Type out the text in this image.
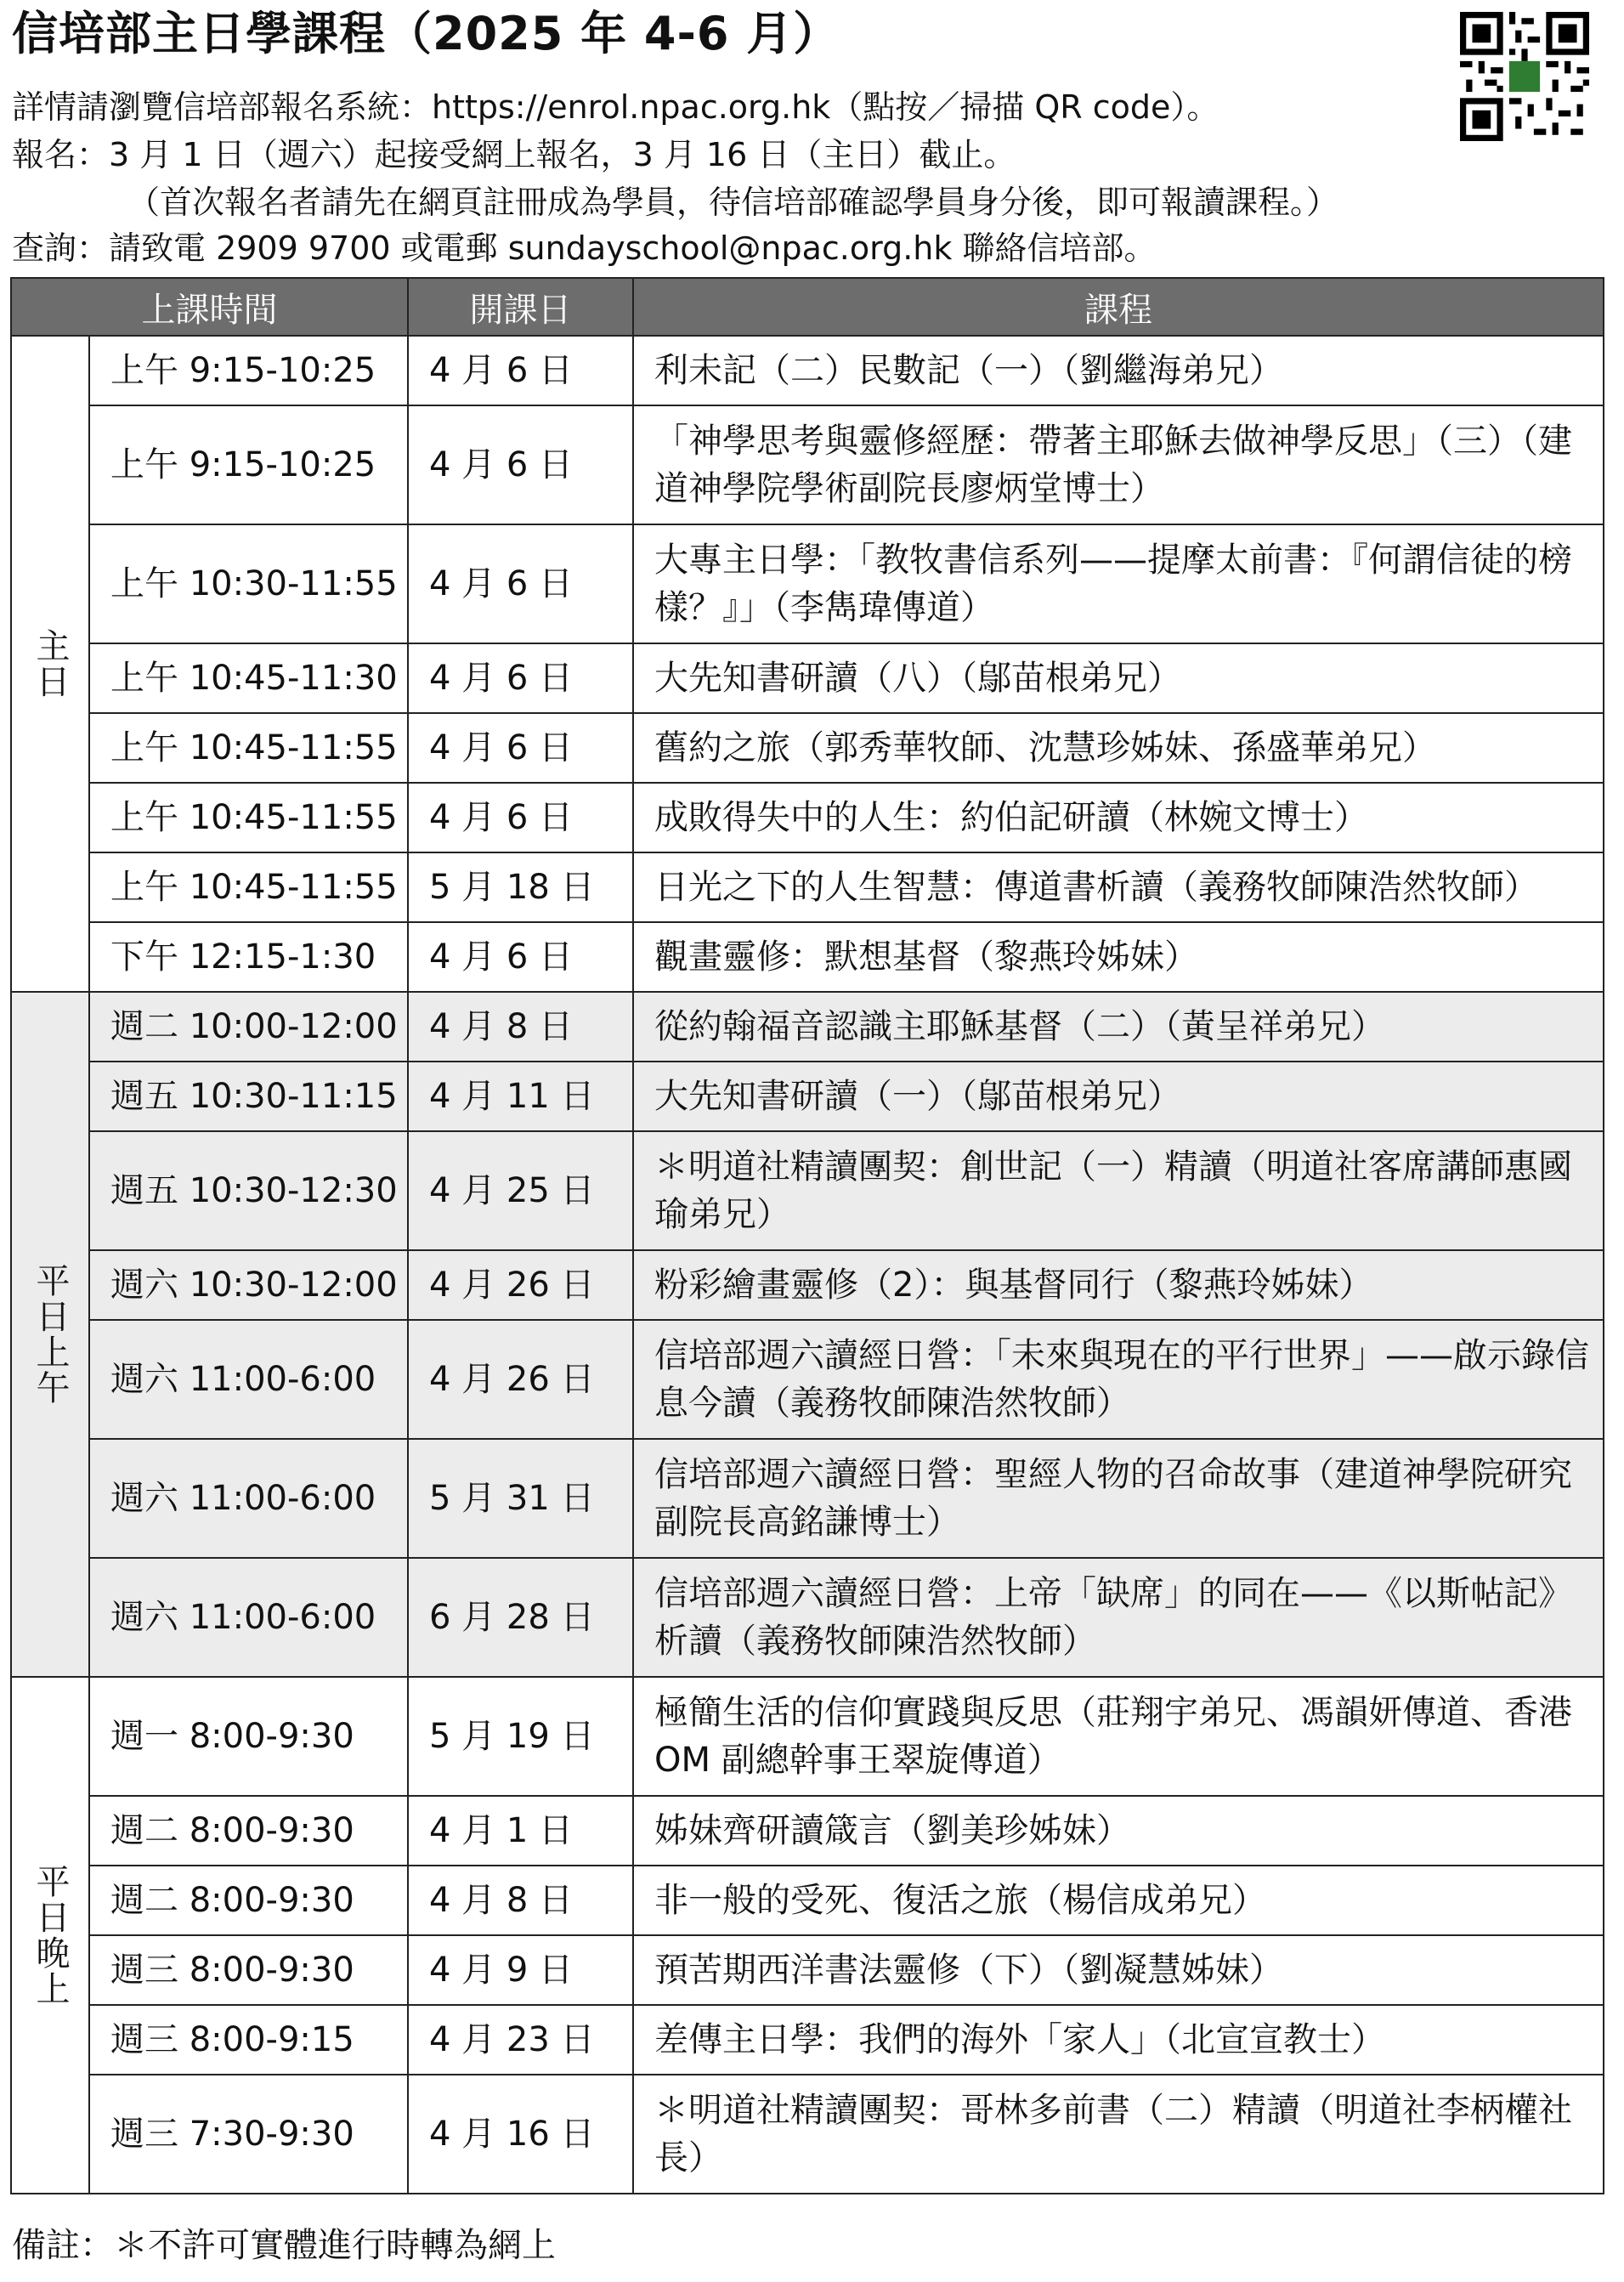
信培部主日學課程（2025 年 4-6 月）
詳情請瀏覽信培部報名系統：https://enrol.npac.org.hk（點按／掃描 QR code）。
報名：3 月 1 日（週六）起接受網上報名，3 月 16 日（主日）截止。
（首次報名者請先在網頁註冊成為學員，待信培部確認學員身分後，即可報讀課程。）
查詢：請致電 2909 9700 或電郵 sundayschool@npac.org.hk 聯絡信培部。
上課時間		開課日	課程
主日	上午 9:15-10:25	4 月 6 日	利未記（二）民數記（一）（劉繼海弟兄）
	上午 9:15-10:25	4 月 6 日	「神學思考與靈修經歷：帶著主耶穌去做神學反思」（三）（建道神學院學術副院長廖炳堂博士）
	上午 10:30-11:55	4 月 6 日	大專主日學：「教牧書信系列——提摩太前書：『何謂信徒的榜樣？』」（李雋瑋傳道）
	上午 10:45-11:30	4 月 6 日	大先知書研讀（八）（鄔苗根弟兄）
	上午 10:45-11:55	4 月 6 日	舊約之旅（郭秀華牧師、沈慧珍姊妹、孫盛華弟兄）
	上午 10:45-11:55	4 月 6 日	成敗得失中的人生：約伯記研讀（林婉文博士）
	上午 10:45-11:55	5 月 18 日	日光之下的人生智慧：傳道書析讀（義務牧師陳浩然牧師）
	下午 12:15-1:30	4 月 6 日	觀畫靈修：默想基督（黎燕玲姊妹）
平日上午	週二 10:00-12:00	4 月 8 日	從約翰福音認識主耶穌基督（二）（黃呈祥弟兄）
	週五 10:30-11:15	4 月 11 日	大先知書研讀（一）（鄔苗根弟兄）
	週五 10:30-12:30	4 月 25 日	＊明道社精讀團契：創世記（一）精讀（明道社客席講師惠國瑜弟兄）
	週六 10:30-12:00	4 月 26 日	粉彩繪畫靈修（2）：與基督同行（黎燕玲姊妹）
	週六 11:00-6:00	4 月 26 日	信培部週六讀經日營：「未來與現在的平行世界」——啟示錄信息今讀（義務牧師陳浩然牧師）
	週六 11:00-6:00	5 月 31 日	信培部週六讀經日營：聖經人物的召命故事（建道神學院研究副院長高銘謙博士）
	週六 11:00-6:00	6 月 28 日	信培部週六讀經日營：上帝「缺席」的同在——《以斯帖記》析讀（義務牧師陳浩然牧師）
平日晚上	週一 8:00-9:30	5 月 19 日	極簡生活的信仰實踐與反思（莊翔宇弟兄、馮韻妍傳道、香港 OM 副總幹事王翠旋傳道）
	週二 8:00-9:30	4 月 1 日	姊妹齊研讀箴言（劉美珍姊妹）
	週二 8:00-9:30	4 月 8 日	非一般的受死、復活之旅（楊信成弟兄）
	週三 8:00-9:30	4 月 9 日	預苦期西洋書法靈修（下）（劉凝慧姊妹）
	週三 8:00-9:15	4 月 23 日	差傳主日學：我們的海外「家人」（北宣宣教士）
	週三 7:30-9:30	4 月 16 日	＊明道社精讀團契：哥林多前書（二）精讀（明道社李柄權社長）
備註：＊不許可實體進行時轉為網上
